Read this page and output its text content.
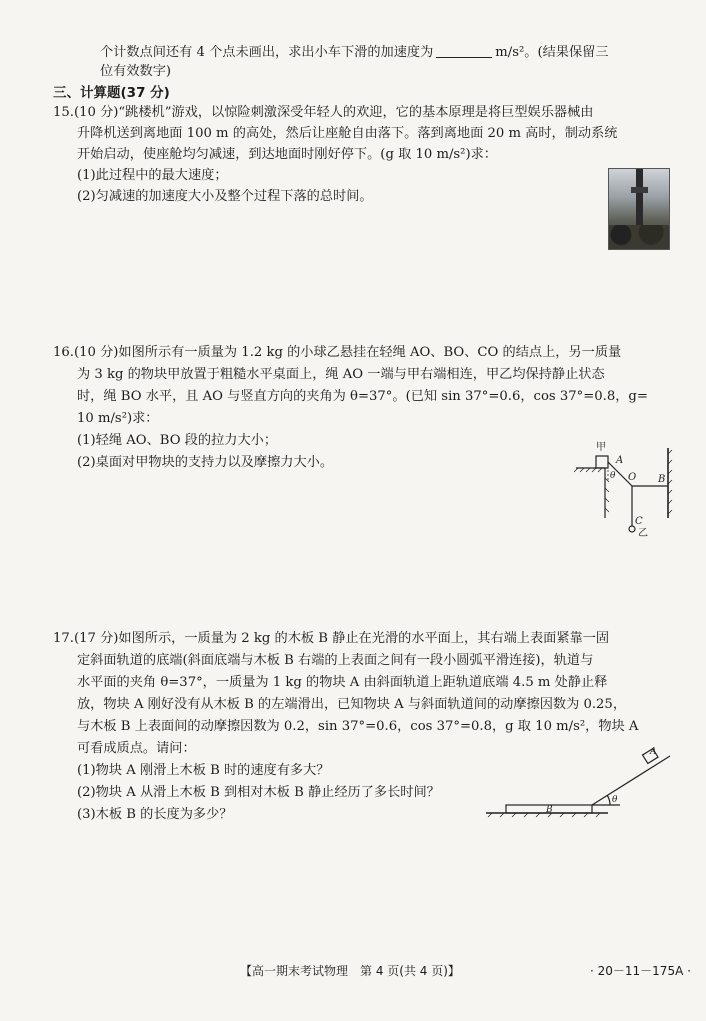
个计数点间还有 4 个点未画出，求出小车下滑的加速度为	m/s²。(结果保留三
位有效数字)
三、计算题(37 分)
15.(10 分)“跳楼机”游戏，以惊险刺激深受年轻人的欢迎，它的基本原理是将巨型娱乐器械由
升降机送到离地面 100 m 的高处，然后让座舱自由落下。落到离地面 20 m 高时，制动系统
开始启动，使座舱均匀减速，到达地面时刚好停下。(g 取 10 m/s²)求：
(1)此过程中的最大速度；
(2)匀减速的加速度大小及整个过程下落的总时间。
16.(10 分)如图所示有一质量为 1.2 kg 的小球乙悬挂在轻绳 AO、BO、CO 的结点上，另一质量
为 3 kg 的物块甲放置于粗糙水平桌面上，绳 AO 一端与甲右端相连，甲乙均保持静止状态
时，绳 BO 水平，且 AO 与竖直方向的夹角为 θ=37°。(已知 sin 37°=0.6，cos 37°=0.8，g=
10 m/s²)求：
(1)轻绳 AO、BO 段的拉力大小；
(2)桌面对甲物块的支持力以及摩擦力大小。
甲
A
θ O B
C
乙
17.(17 分)如图所示，一质量为 2 kg 的木板 B 静止在光滑的水平面上，其右端上表面紧靠一固
定斜面轨道的底端(斜面底端与木板 B 右端的上表面之间有一段小圆弧平滑连接)，轨道与
水平面的夹角 θ=37°，一质量为 1 kg 的物块 A 由斜面轨道上距轨道底端 4.5 m 处静止释
放，物块 A 刚好没有从木板 B 的左端滑出，已知物块 A 与斜面轨道间的动摩擦因数为 0.25，
与木板 B 上表面间的动摩擦因数为 0.2，sin 37°=0.6，cos 37°=0.8，g 取 10 m/s²，物块 A
可看成质点。请问：
(1)物块 A 刚滑上木板 B 时的速度有多大？
(2)物块 A 从滑上木板 B 到相对木板 B 静止经历了多长时间？
(3)木板 B 的长度为多少？	B
θ
A
【高一期末考试物理　第 4 页(共 4 页)】	· 20－11－175A ·
